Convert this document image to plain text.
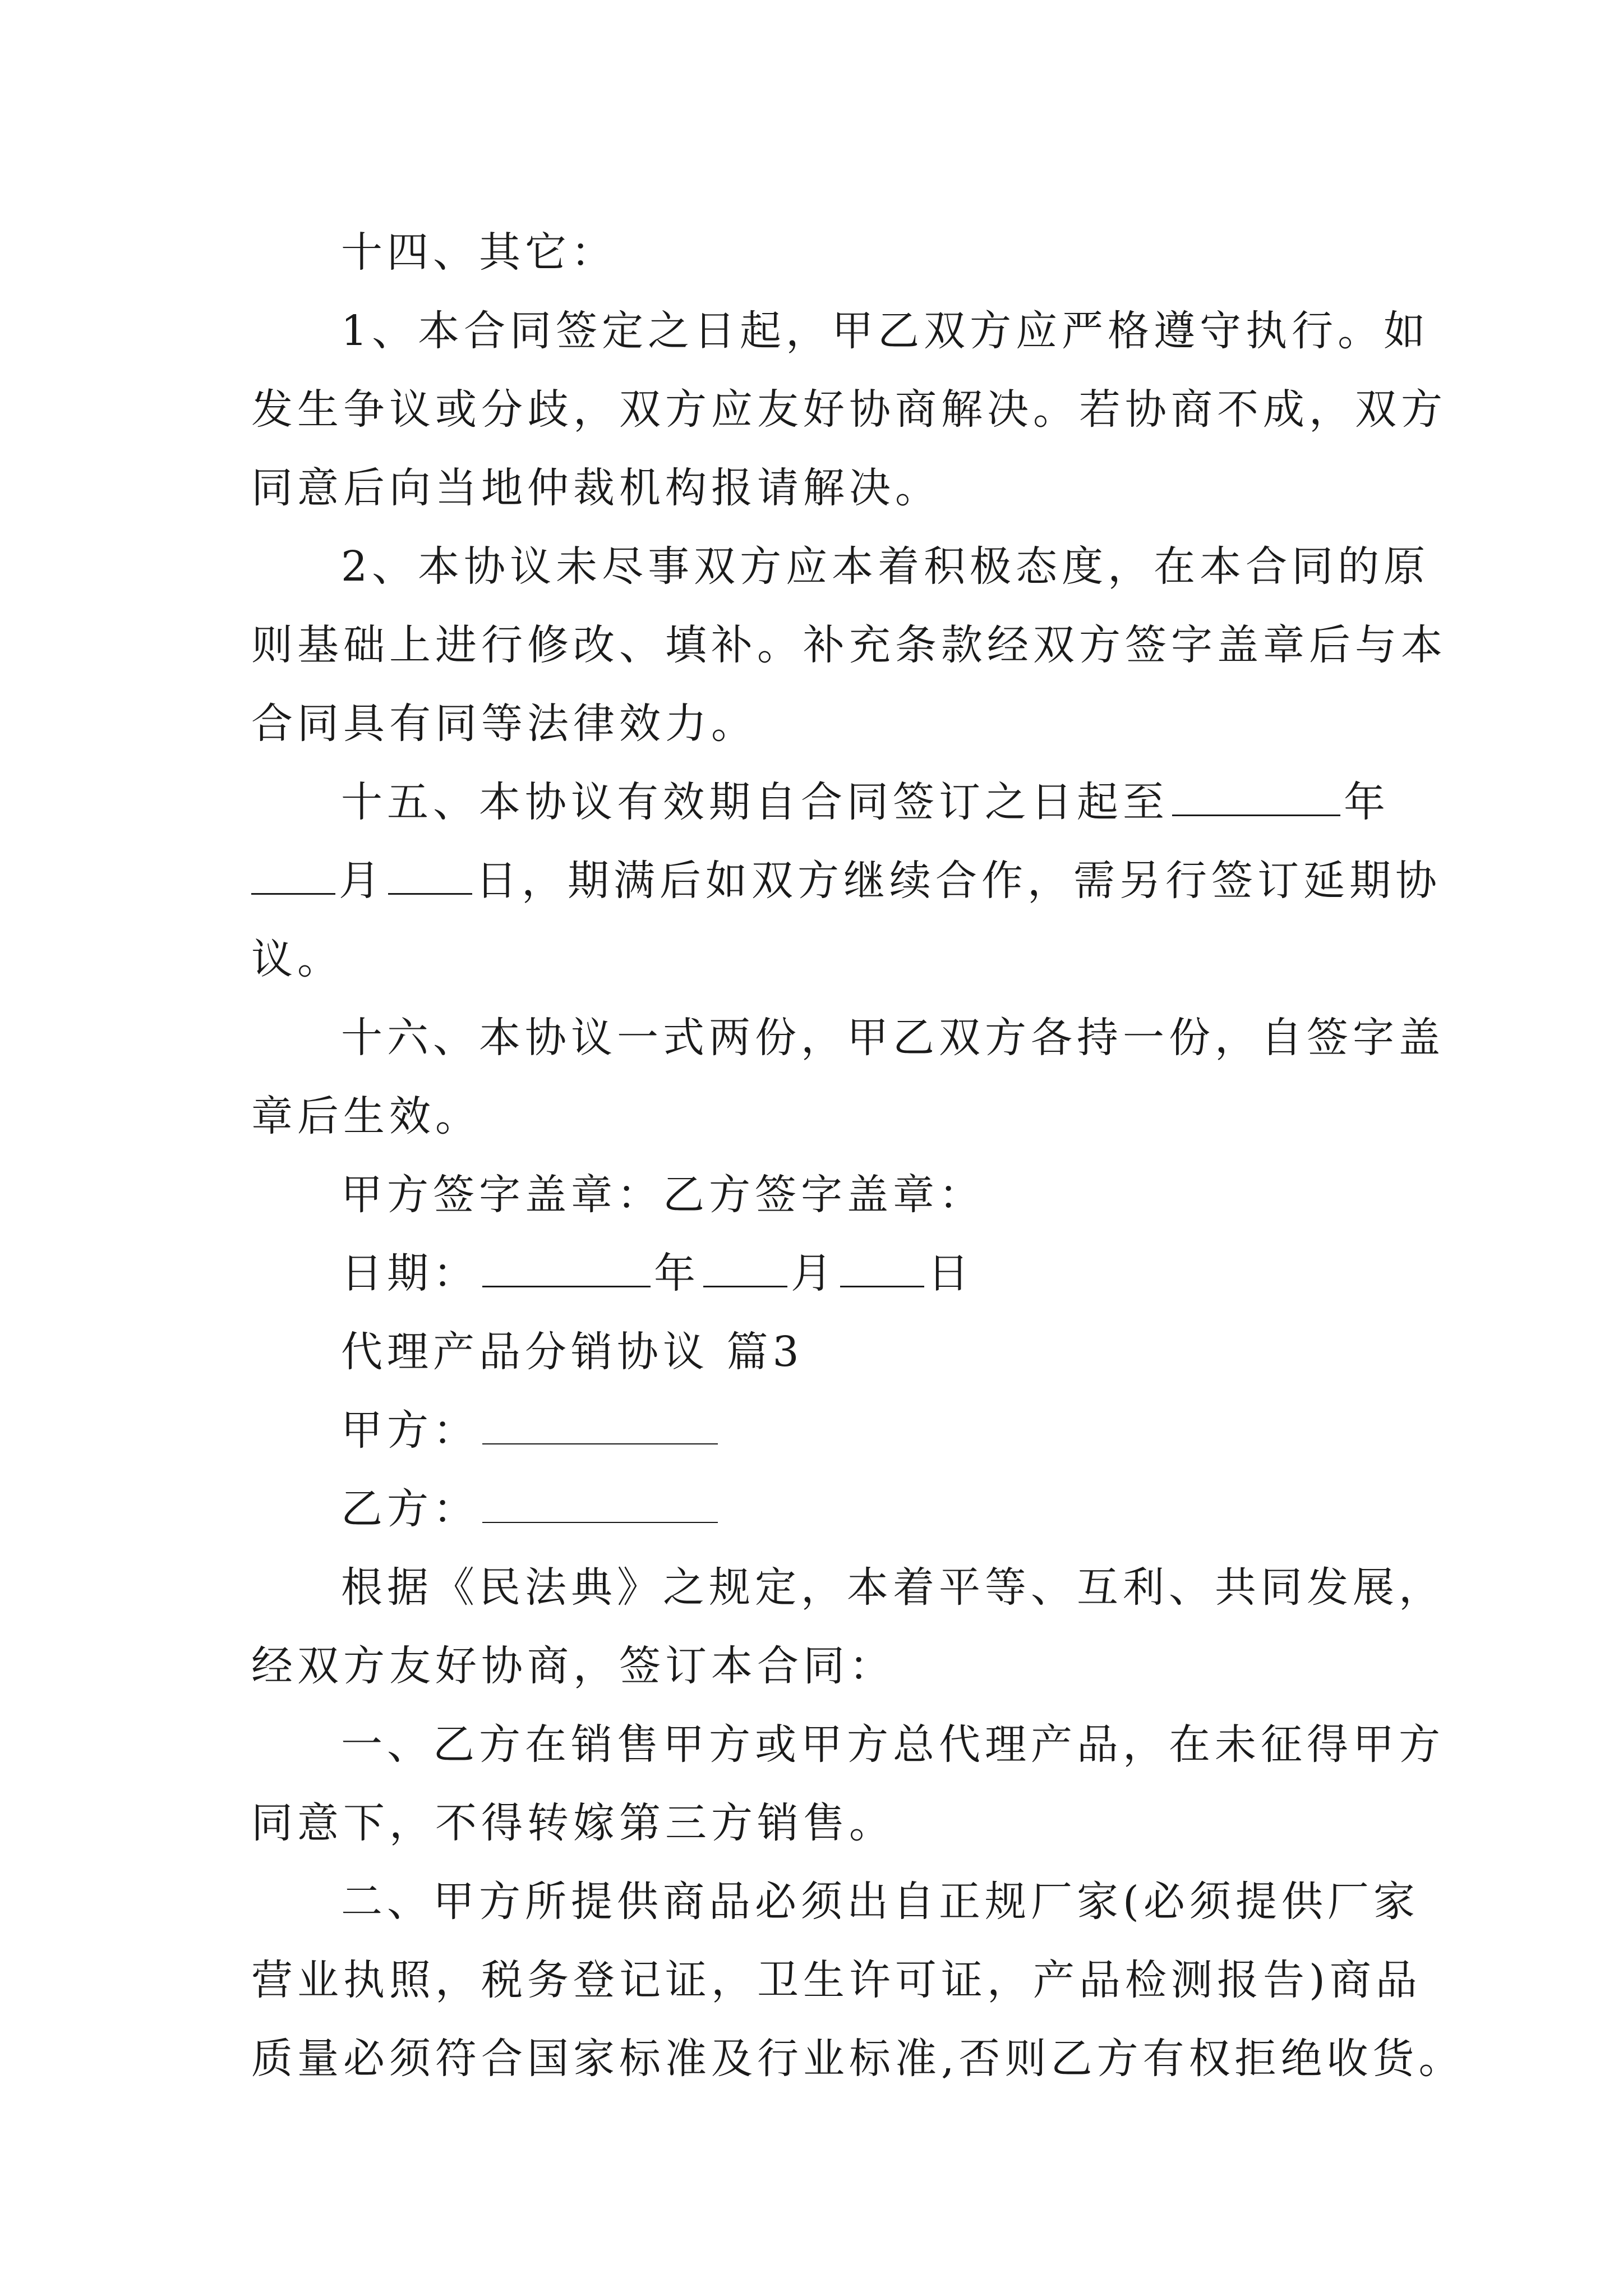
十四、其它：

1、本合同签定之日起，甲乙双方应严格遵守执行。如
发生争议或分歧，双方应友好协商解决。若协商不成，双方
同意后向当地仲裁机构报请解决。

2、本协议未尽事双方应本着积极态度，在本合同的原
则基础上进行修改、填补。补充条款经双方签字盖章后与本
合同具有同等法律效力。

十五、本协议有效期自合同签订之日起至	年
月 日，期满后如双方继续合作，需另行签订延期协
议。

十六、本协议一式两份，甲乙双方各持一份，自签字盖
章后生效。

甲方签字盖章：乙方签字盖章：

日期：	年 月 日

代理产品分销协议 篇3

甲方：

乙方：

根据《民法典》之规定，本着平等、互利、共同发展，
经双方友好协商，签订本合同：

一、乙方在销售甲方或甲方总代理产品，在未征得甲方
同意下，不得转嫁第三方销售。

二、甲方所提供商品必须出自正规厂家(必须提供厂家
营业执照，税务登记证，卫生许可证，产品检测报告)商品
质量必须符合国家标准及行业标准,否则乙方有权拒绝收货。
